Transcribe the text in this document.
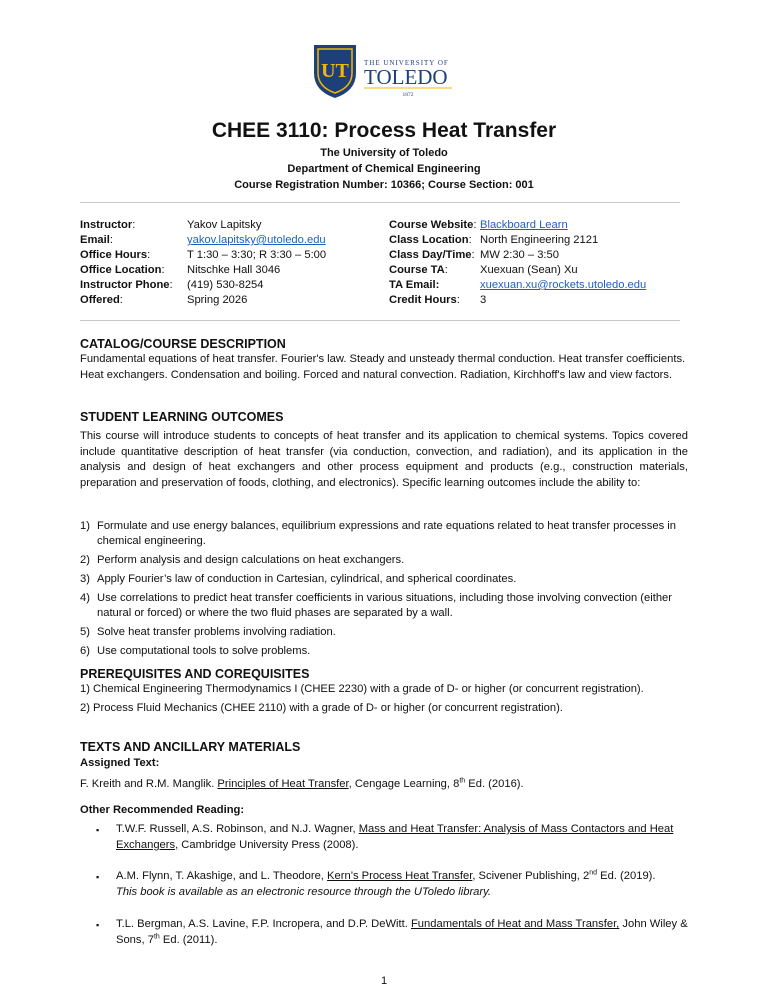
UT THE UNIVERSITY OF
TOLEDO
1872
CHEE 3110: Process Heat Transfer
The University of Toledo
Department of Chemical Engineering
Course Registration Number: 10366; Course Section: 001
Instructor:	Yakov Lapitsky
Email:	yakov.lapitsky@utoledo.edu
Office Hours:	T 1:30 – 3:30; R 3:30 – 5:00
Office Location:	Nitschke Hall 3046
Instructor Phone:	(419) 530-8254
Offered:	Spring 2026
Course Website: Blackboard Learn
Class Location: North Engineering 2121
Class Day/Time: MW 2:30 – 3:50
Course TA:	Xuexuan (Sean) Xu
TA Email:	xuexuan.xu@rockets.utoledo.edu
Credit Hours:	3
CATALOG/COURSE DESCRIPTION
Fundamental equations of heat transfer. Fourier's law. Steady and unsteady thermal conduction. Heat transfer coefficients. Heat exchangers. Condensation and boiling. Forced and natural convection. Radiation, Kirchhoff's law and view factors.
STUDENT LEARNING OUTCOMES
This course will introduce students to concepts of heat transfer and its application to chemical systems. Topics covered include quantitative description of heat transfer (via conduction, convection, and radiation), and its application in the analysis and design of heat exchangers and other process equipment and products (e.g., construction materials, preparation and preservation of foods, clothing, and electronics). Specific learning outcomes include the ability to:
1) Formulate and use energy balances, equilibrium expressions and rate equations related to heat transfer processes in chemical engineering.
2) Perform analysis and design calculations on heat exchangers.
3) Apply Fourier’s law of conduction in Cartesian, cylindrical, and spherical coordinates.
4) Use correlations to predict heat transfer coefficients in various situations, including those involving convection (either natural or forced) or where the two fluid phases are separated by a wall.
5) Solve heat transfer problems involving radiation.
6) Use computational tools to solve problems.
PREREQUISITES AND COREQUISITES
1) Chemical Engineering Thermodynamics I (CHEE 2230) with a grade of D- or higher (or concurrent registration).
2) Process Fluid Mechanics (CHEE 2110) with a grade of D- or higher (or concurrent registration).
TEXTS AND ANCILLARY MATERIALS
Assigned Text:
F. Kreith and R.M. Manglik. Principles of Heat Transfer, Cengage Learning, 8th Ed. (2016).
Other Recommended Reading:
▪ T.W.F. Russell, A.S. Robinson, and N.J. Wagner, Mass and Heat Transfer: Analysis of Mass Contactors and Heat Exchangers, Cambridge University Press (2008).
▪ A.M. Flynn, T. Akashige, and L. Theodore, Kern’s Process Heat Transfer, Scivener Publishing, 2nd Ed. (2019).
This book is available as an electronic resource through the UToledo library.
▪ T.L. Bergman, A.S. Lavine, F.P. Incropera, and D.P. DeWitt. Fundamentals of Heat and Mass Transfer, John Wiley & Sons, 7th Ed. (2011).
1
